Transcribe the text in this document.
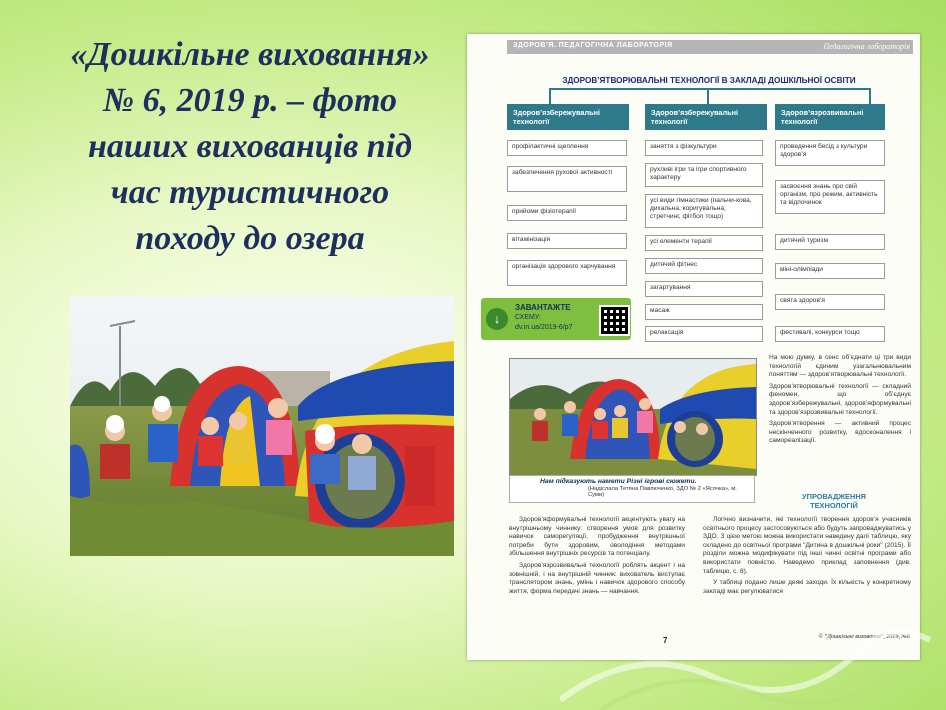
«Дошкільне виховання»
№ 6, 2019 р. – фото
наших вихованців під
час туристичного
походу до озера
ЗДОРОВ’Я. ПЕДАГОГІЧНА ЛАБОРАТОРІЯ	Педагогічна лабораторія
ЗДОРОВ’ЯТВОРЮВАЛЬНІ ТЕХНОЛОГІЇ В ЗАКЛАДІ ДОШКІЛЬНОЇ ОСВІТИ
Здоров’язбережувальні технології
профілактичні щеплення
забезпечення рухової активності
прийоми фізіотерапії
вітамінізація
організація здорового харчування
Здоров’язбережувальні технології
заняття з фізкультури
рухливі ігри та ігри спортивного характеру
усі види гімнастики (пальчи-кова, дихальна, коригувальна, стретчинг, фітбол тощо)
усі елементи терапії
дитячий фітнес
загартування
масаж
релаксація
Здоров’язрозвивальні технології
проведення бесід з культури здоров’я
засвоєння знань про свій організм, про режим, активність та відпочинок
дитячий туризм
міні-олімпіади
свята здоров’я
фестивалі, конкурси тощо
↓
ЗАВАНТАЖТЕ
СХЕМУ:
dv.in.ua/2019-6/p7
Нам підказують намети Різні ігрові сюжети.
(Надіслала Тетяна Павлюченко, ЗДО № 2 «Ясочка», м. Суми)

На мою думку, в сенс об’єднати ці три види технологій єдиним узагальнювальним поняттям — здоров’ятворювальні технології.

Здоров’ятворювальні технології — складний феномен, що об’єднує здоров’язбережувальні, здоров’яформувальні та здоров’язрозвивальні технології.

Здоров’ятворення — активний процес нескінченного розвитку, вдосконалення і самореалізації.

УПРОВАДЖЕННЯ ТЕХНОЛОГІЙ

Здоров’яформувальні технології акцентують увагу на внутрішньому чиннику: створення умов для розвитку навичок саморегуляції, пробудження внутрішньої потреби бути здоровим, оволодіння методами збільшення внутрішніх ресурсів та потенціалу.

Здоров’язрозвивальні технології роблять акцент і на зовнішній, і на внутрішній чинник: вихователь виступає транслятором знань, умінь і навичок здорового способу життя, форма передачі знань — навчання.

Логічно визначити, які технології творення здоров’я учасників освітнього процесу застосовуються або будуть запроваджуватись у ЗДО. З цією метою можна використати наведену далі таблицю, яку складено до освітньої програми "Дитина в дошкільні роки" (2015). Її розділи можна модифікувати під інші чинні освітні програми або використати повністю. Наведемо приклад заповнення (див. таблицю, с. 8).

У таблиці подано лише деякі заходи. Їх кількість у конкретному закладі має регулюватися

7	© "Дошкільне виховання", 2019, №6
